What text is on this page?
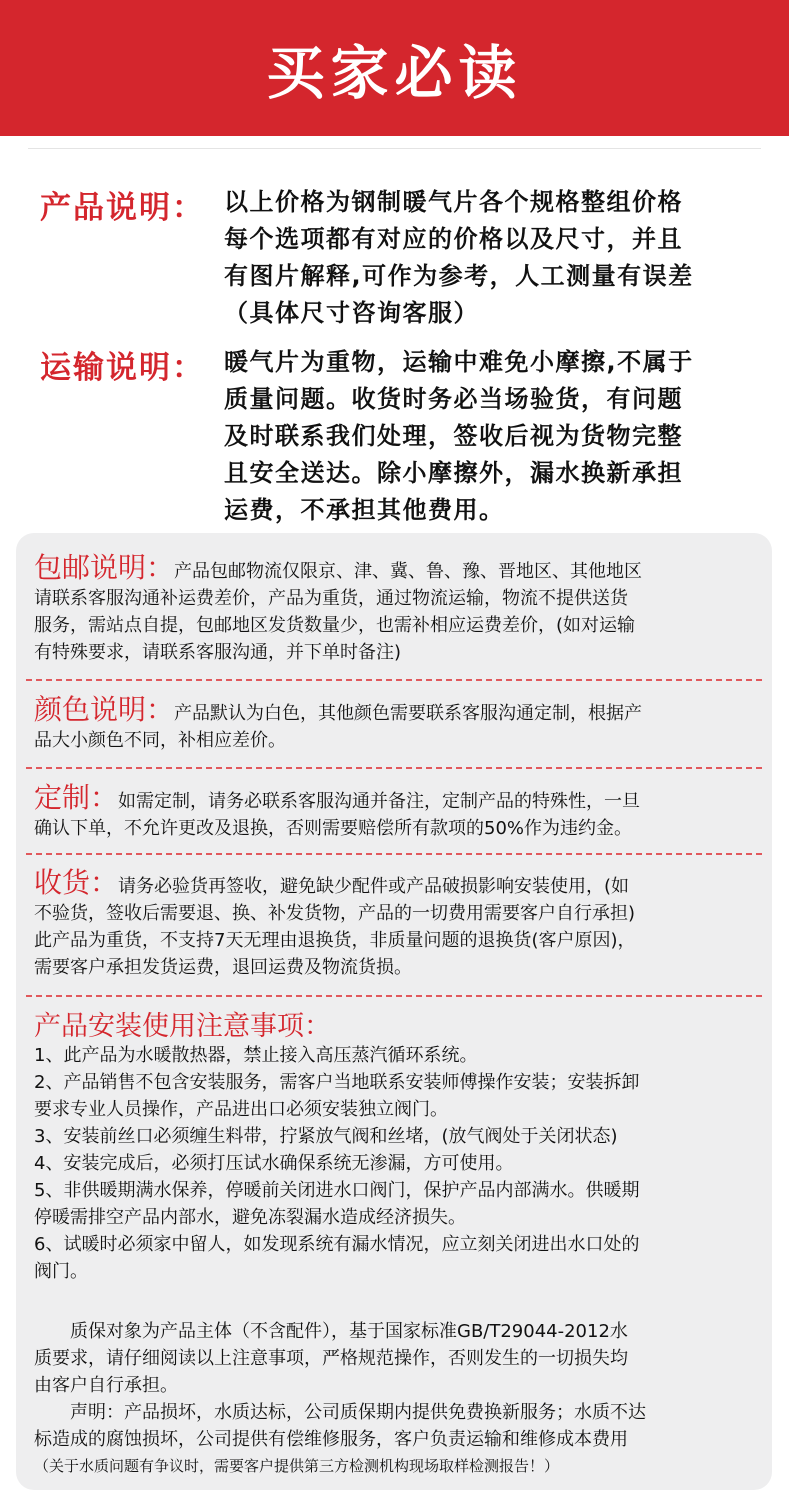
买家必读
产品说明： 以上价格为钢制暖气片各个规格整组价格
每个选项都有对应的价格以及尺寸，并且
有图片解释,可作为参考，人工测量有误差
（具体尺寸咨询客服）
运输说明： 暖气片为重物，运输中难免小摩擦,不属于
质量问题。收货时务必当场验货，有问题
及时联系我们处理，签收后视为货物完整
且安全送达。除小摩擦外，漏水换新承担
运费，不承担其他费用。
包邮说明：产品包邮物流仅限京、津、冀、鲁、豫、晋地区、其他地区
请联系客服沟通补运费差价，产品为重货，通过物流运输，物流不提供送货
服务，需站点自提，包邮地区发货数量少，也需补相应运费差价，(如对运输
有特殊要求，请联系客服沟通，并下单时备注)
颜色说明：产品默认为白色，其他颜色需要联系客服沟通定制，根据产
品大小颜色不同，补相应差价。
定制：如需定制，请务必联系客服沟通并备注，定制产品的特殊性，一旦
确认下单，不允许更改及退换，否则需要赔偿所有款项的50%作为违约金。
收货：请务必验货再签收，避免缺少配件或产品破损影响安装使用，(如
不验货，签收后需要退、换、补发货物，产品的一切费用需要客户自行承担)
此产品为重货，不支持7天无理由退换货，非质量问题的退换货(客户原因)，
需要客户承担发货运费，退回运费及物流货损。
产品安装使用注意事项：
1、此产品为水暖散热器，禁止接入高压蒸汽循环系统。
2、产品销售不包含安装服务，需客户当地联系安装师傅操作安装；安装拆卸
要求专业人员操作，产品进出口必须安装独立阀门。
3、安装前丝口必须缠生料带，拧紧放气阀和丝堵，(放气阀处于关闭状态)
4、安装完成后，必须打压试水确保系统无渗漏，方可使用。
5、非供暖期满水保养，停暖前关闭进水口阀门，保护产品内部满水。供暖期
停暖需排空产品内部水，避免冻裂漏水造成经济损失。
6、试暖时必须家中留人，如发现系统有漏水情况，应立刻关闭进出水口处的
阀门。
　　质保对象为产品主体（不含配件），基于国家标准GB/T29044-2012水
质要求，请仔细阅读以上注意事项，严格规范操作，否则发生的一切损失均
由客户自行承担。
　　声明：产品损坏，水质达标，公司质保期内提供免费换新服务；水质不达
标造成的腐蚀损坏，公司提供有偿维修服务，客户负责运输和维修成本费用
（关于水质问题有争议时，需要客户提供第三方检测机构现场取样检测报告！）
